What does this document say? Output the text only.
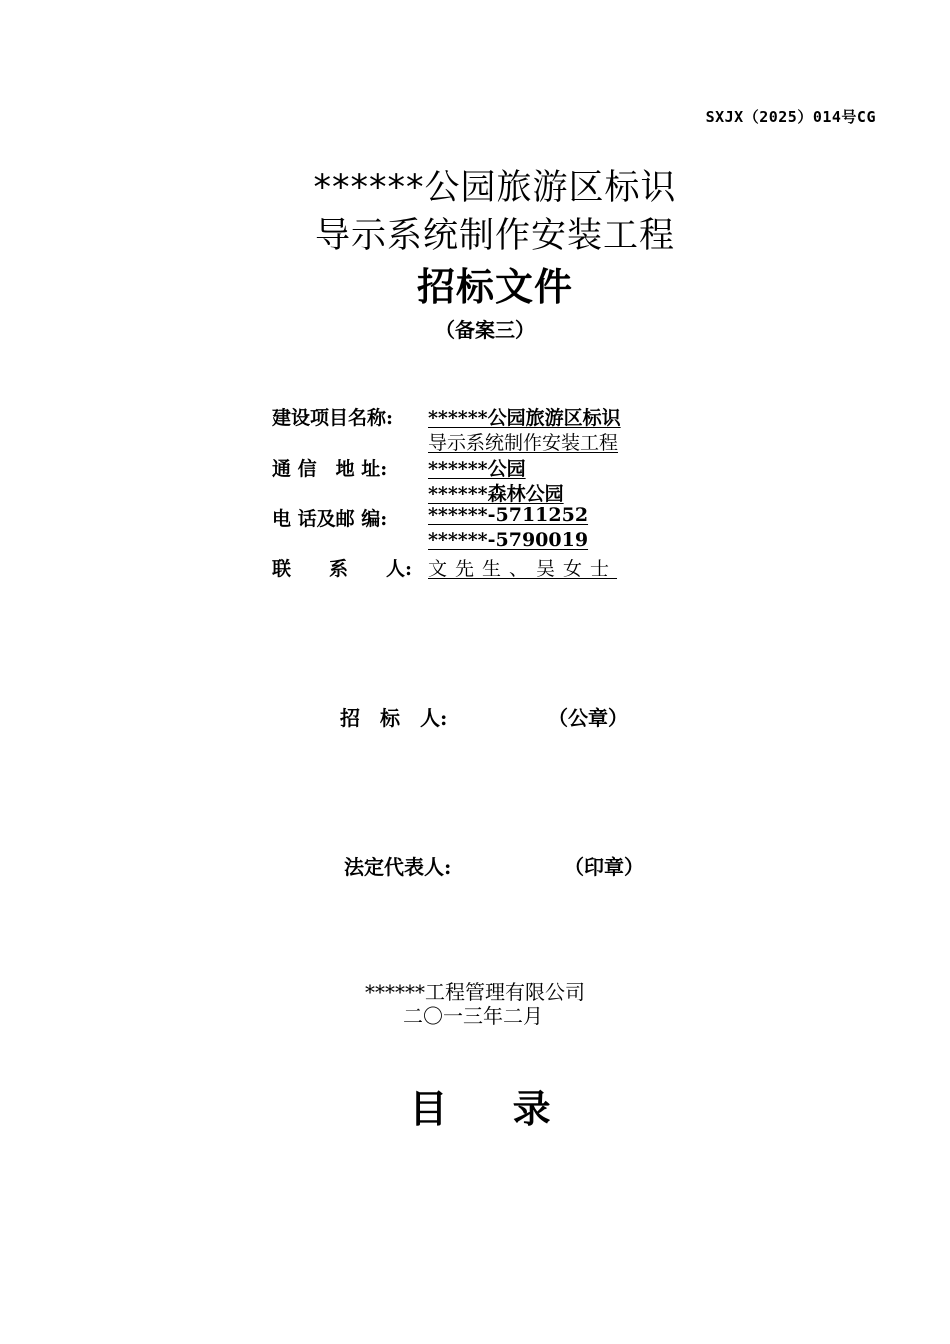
SXJX（2025）014号CG
******公园旅游区标识
导示系统制作安装工程
招标文件
（备案三）
建设项目名称:	******公园旅游区标识
导示系统制作安装工程
通 信　地 址:	******公园
******森林公园
电 话及邮 编:	******-5711252
******-5790019
联　　系　　人: 文先生、吴女士
招　标　人:	（公章）
法定代表人:	（印章）
******工程管理有限公司
二〇一三年二月
目 录
